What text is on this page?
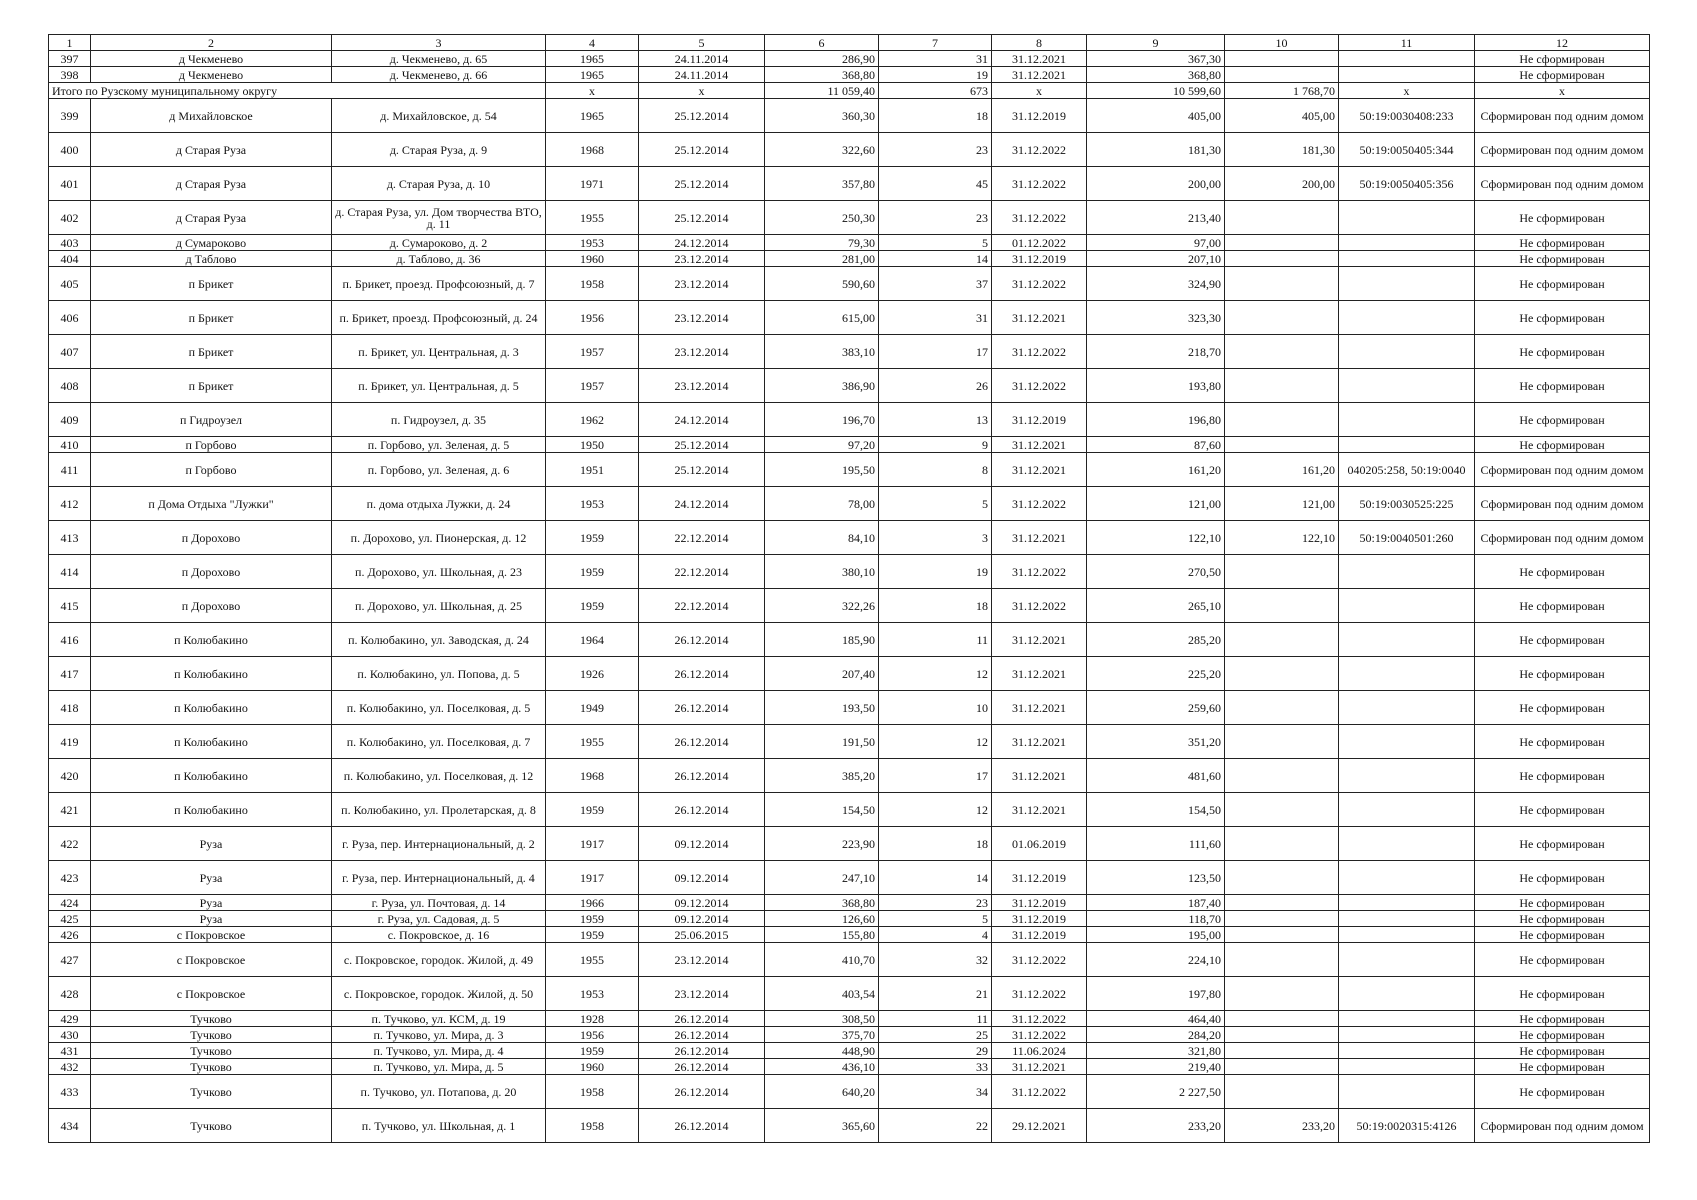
1	2	3	4	5	6	7	8	9	10	11	12
397	д Чекменево	д. Чекменево, д. 65	1965	24.11.2014	286,90	31	31.12.2021	367,30			Не сформирован
398	д Чекменево	д. Чекменево, д. 66	1965	24.11.2014	368,80	19	31.12.2021	368,80			Не сформирован
Итого по Рузскому муниципальному округу			х	х	11 059,40	673	х	10 599,60	1 768,70	х	х
399	д Михайловское	д. Михайловское, д. 54	1965	25.12.2014	360,30	18	31.12.2019	405,00	405,00	50:19:0030408:233	Сформирован под одним домом
400	д Старая Руза	д. Старая Руза, д. 9	1968	25.12.2014	322,60	23	31.12.2022	181,30	181,30	50:19:0050405:344	Сформирован под одним домом
401	д Старая Руза	д. Старая Руза, д. 10	1971	25.12.2014	357,80	45	31.12.2022	200,00	200,00	50:19:0050405:356	Сформирован под одним домом
402	д Старая Руза	д. Старая Руза, ул. Дом творчества ВТО, д. 11	1955	25.12.2014	250,30	23	31.12.2022	213,40			Не сформирован
403	д Сумароково	д. Сумароково, д. 2	1953	24.12.2014	79,30	5	01.12.2022	97,00			Не сформирован
404	д Таблово	д. Таблово, д. 36	1960	23.12.2014	281,00	14	31.12.2019	207,10			Не сформирован
405	п Брикет	п. Брикет, проезд. Профсоюзный, д. 7	1958	23.12.2014	590,60	37	31.12.2022	324,90			Не сформирован
406	п Брикет	п. Брикет, проезд. Профсоюзный, д. 24	1956	23.12.2014	615,00	31	31.12.2021	323,30			Не сформирован
407	п Брикет	п. Брикет, ул. Центральная, д. 3	1957	23.12.2014	383,10	17	31.12.2022	218,70			Не сформирован
408	п Брикет	п. Брикет, ул. Центральная, д. 5	1957	23.12.2014	386,90	26	31.12.2022	193,80			Не сформирован
409	п Гидроузел	п. Гидроузел, д. 35	1962	24.12.2014	196,70	13	31.12.2019	196,80			Не сформирован
410	п Горбово	п. Горбово, ул. Зеленая, д. 5	1950	25.12.2014	97,20	9	31.12.2021	87,60			Не сформирован
411	п Горбово	п. Горбово, ул. Зеленая, д. 6	1951	25.12.2014	195,50	8	31.12.2021	161,20	161,20	040205:258, 50:19:0040	Сформирован под одним домом
412	п Дома Отдыха "Лужки"	п. дома отдыха Лужки, д. 24	1953	24.12.2014	78,00	5	31.12.2022	121,00	121,00	50:19:0030525:225	Сформирован под одним домом
413	п Дорохово	п. Дорохово, ул. Пионерская, д. 12	1959	22.12.2014	84,10	3	31.12.2021	122,10	122,10	50:19:0040501:260	Сформирован под одним домом
414	п Дорохово	п. Дорохово, ул. Школьная, д. 23	1959	22.12.2014	380,10	19	31.12.2022	270,50			Не сформирован
415	п Дорохово	п. Дорохово, ул. Школьная, д. 25	1959	22.12.2014	322,26	18	31.12.2022	265,10			Не сформирован
416	п Колюбакино	п. Колюбакино, ул. Заводская, д. 24	1964	26.12.2014	185,90	11	31.12.2021	285,20			Не сформирован
417	п Колюбакино	п. Колюбакино, ул. Попова, д. 5	1926	26.12.2014	207,40	12	31.12.2021	225,20			Не сформирован
418	п Колюбакино	п. Колюбакино, ул. Поселковая, д. 5	1949	26.12.2014	193,50	10	31.12.2021	259,60			Не сформирован
419	п Колюбакино	п. Колюбакино, ул. Поселковая, д. 7	1955	26.12.2014	191,50	12	31.12.2021	351,20			Не сформирован
420	п Колюбакино	п. Колюбакино, ул. Поселковая, д. 12	1968	26.12.2014	385,20	17	31.12.2021	481,60			Не сформирован
421	п Колюбакино	п. Колюбакино, ул. Пролетарская, д. 8	1959	26.12.2014	154,50	12	31.12.2021	154,50			Не сформирован
422	Руза	г. Руза, пер. Интернациональный, д. 2	1917	09.12.2014	223,90	18	01.06.2019	111,60			Не сформирован
423	Руза	г. Руза, пер. Интернациональный, д. 4	1917	09.12.2014	247,10	14	31.12.2019	123,50			Не сформирован
424	Руза	г. Руза, ул. Почтовая, д. 14	1966	09.12.2014	368,80	23	31.12.2019	187,40			Не сформирован
425	Руза	г. Руза, ул. Садовая, д. 5	1959	09.12.2014	126,60	5	31.12.2019	118,70			Не сформирован
426	с Покровское	с. Покровское, д. 16	1959	25.06.2015	155,80	4	31.12.2019	195,00			Не сформирован
427	с Покровское	с. Покровское, городок. Жилой, д. 49	1955	23.12.2014	410,70	32	31.12.2022	224,10			Не сформирован
428	с Покровское	с. Покровское, городок. Жилой, д. 50	1953	23.12.2014	403,54	21	31.12.2022	197,80			Не сформирован
429	Тучково	п. Тучково, ул. КСМ, д. 19	1928	26.12.2014	308,50	11	31.12.2022	464,40			Не сформирован
430	Тучково	п. Тучково, ул. Мира, д. 3	1956	26.12.2014	375,70	25	31.12.2022	284,20			Не сформирован
431	Тучково	п. Тучково, ул. Мира, д. 4	1959	26.12.2014	448,90	29	11.06.2024	321,80			Не сформирован
432	Тучково	п. Тучково, ул. Мира, д. 5	1960	26.12.2014	436,10	33	31.12.2021	219,40			Не сформирован
433	Тучково	п. Тучково, ул. Потапова, д. 20	1958	26.12.2014	640,20	34	31.12.2022	2 227,50			Не сформирован
434	Тучково	п. Тучково, ул. Школьная, д. 1	1958	26.12.2014	365,60	22	29.12.2021	233,20	233,20	50:19:0020315:4126	Сформирован под одним домом
